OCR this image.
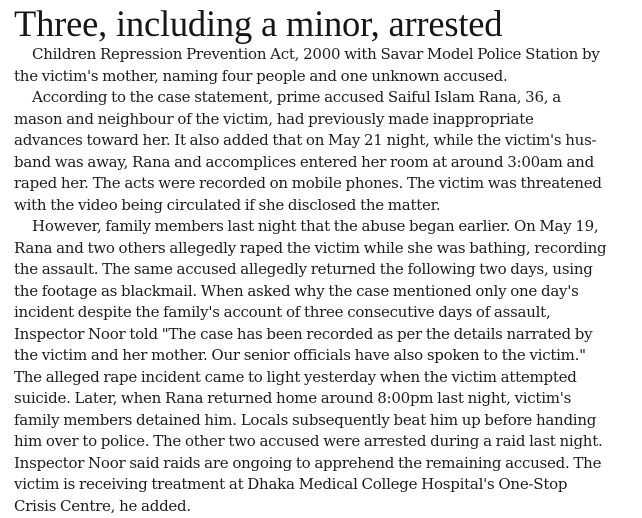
Three, including a minor, arrested
Children Repression Prevention Act, 2000 with Savar Model Police Station by
the victim's mother, naming four people and one unknown accused.
According to the case statement, prime accused Saiful Islam Rana, 36, a
mason and neighbour of the victim, had previously made inappropriate
advances toward her. It also added that on May 21 night, while the victim's hus-
band was away, Rana and accomplices entered her room at around 3:00am and
raped her. The acts were recorded on mobile phones. The victim was threatened
with the video being circulated if she disclosed the matter.
However, family members last night that the abuse began earlier. On May 19,
Rana and two others allegedly raped the victim while she was bathing, recording
the assault. The same accused allegedly returned the following two days, using
the footage as blackmail. When asked why the case mentioned only one day's
incident despite the family's account of three consecutive days of assault,
Inspector Noor told "The case has been recorded as per the details narrated by
the victim and her mother. Our senior officials have also spoken to the victim."
The alleged rape incident came to light yesterday when the victim attempted
suicide. Later, when Rana returned home around 8:00pm last night, victim's
family members detained him. Locals subsequently beat him up before handing
him over to police. The other two accused were arrested during a raid last night.
Inspector Noor said raids are ongoing to apprehend the remaining accused. The
victim is receiving treatment at Dhaka Medical College Hospital's One-Stop
Crisis Centre, he added.
